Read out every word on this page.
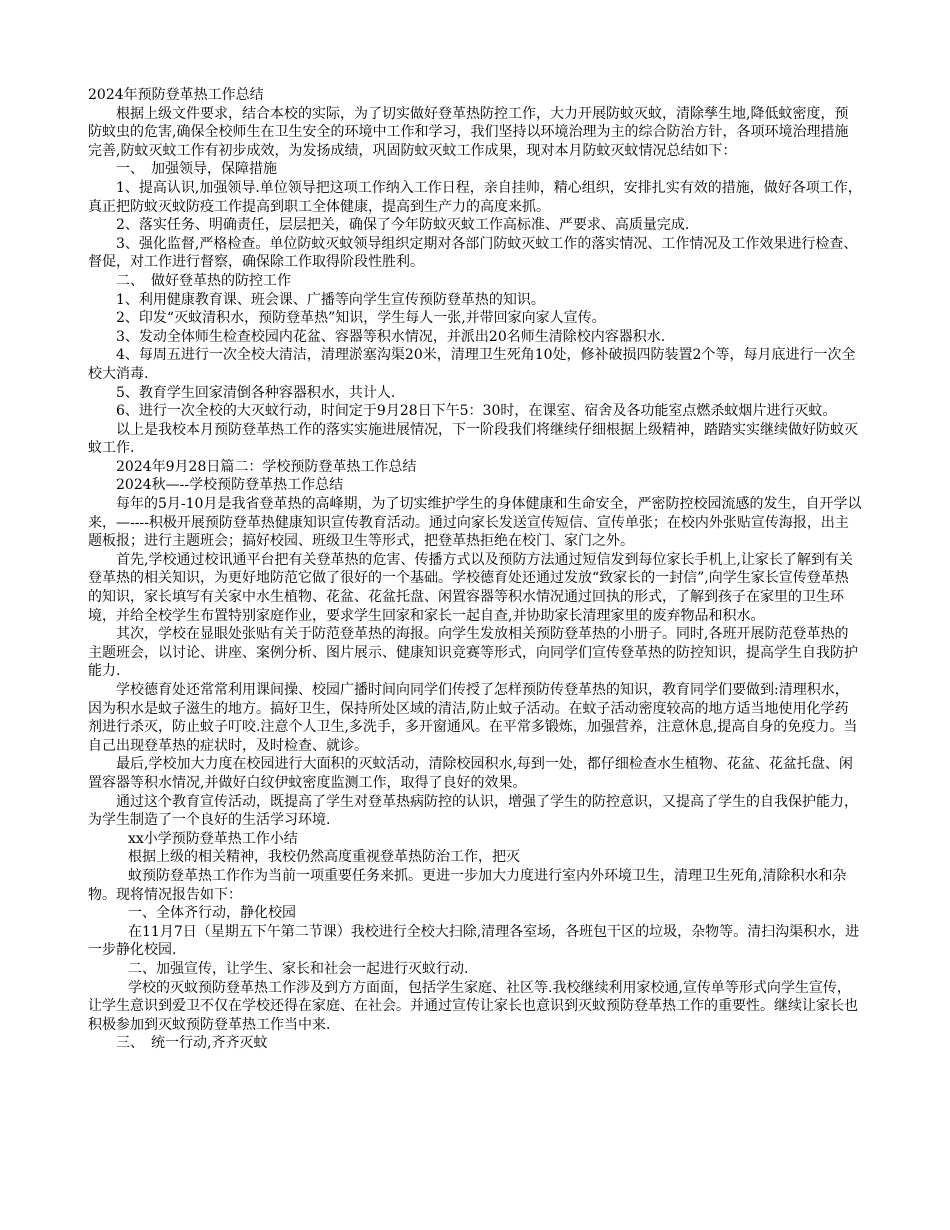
2024年预防登革热工作总结

根据上级文件要求，结合本校的实际，为了切实做好登革热防控工作，大力开展防蚊灭蚊，清除孳生地,降低蚊密度，预防蚊虫的危害,确保全校师生在卫生安全的环境中工作和学习，我们坚持以环境治理为主的综合防治方针，各项环境治理措施完善,防蚊灭蚊工作有初步成效，为发扬成绩，巩固防蚊灭蚊工作成果，现对本月防蚊灭蚊情况总结如下：

一、　加强领导，保障措施

1、提高认识,加强领导.单位领导把这项工作纳入工作日程，亲自挂帅，精心组织，安排扎实有效的措施，做好各项工作，真正把防蚊灭蚊防疫工作提高到职工全体健康，提高到生产力的高度来抓。

2、落实任务、明确责任，层层把关，确保了今年防蚊灭蚊工作高标准、严要求、高质量完成.

3、强化监督,严格检查。单位防蚊灭蚊领导组织定期对各部门防蚊灭蚊工作的落实情况、工作情况及工作效果进行检查、督促，对工作进行督察，确保除工作取得阶段性胜利。

二、　做好登革热的防控工作

1、利用健康教育课、班会课、广播等向学生宣传预防登革热的知识。

2、印发“灭蚊清积水，预防登革热”知识，学生每人一张,并带回家向家人宣传。

3、发动全体师生检查校园内花盆、容器等积水情况，并派出20名师生清除校内容器积水.

4、每周五进行一次全校大清洁，清理淤塞沟渠20米，清理卫生死角10处，修补破损四防装置2个等，每月底进行一次全校大消毒.

5、教育学生回家清倒各种容器积水，共计人.

6、进行一次全校的大灭蚊行动，时间定于9月28日下午5：30时，在课室、宿舍及各功能室点燃杀蚊烟片进行灭蚊。

以上是我校本月预防登革热工作的落实实施进展情况，下一阶段我们将继续仔细根据上级精神，踏踏实实继续做好防蚊灭蚊工作.

2024年9月28日篇二：学校预防登革热工作总结

2024秋—--学校预防登革热工作总结

每年的5月-10月是我省登革热的高峰期，为了切实维护学生的身体健康和生命安全，严密防控校园流感的发生，自开学以来，—----积极开展预防登革热健康知识宣传教育活动。通过向家长发送宣传短信、宣传单张；在校内外张贴宣传海报，出主题板报；进行主题班会；搞好校园、班级卫生等形式，把登革热拒绝在校门、家门之外。

首先,学校通过校讯通平台把有关登革热的危害、传播方式以及预防方法通过短信发到每位家长手机上,让家长了解到有关登革热的相关知识，为更好地防范它做了很好的一个基础。学校德育处还通过发放“致家长的一封信”,向学生家长宣传登革热的知识，家长填写有关家中水生植物、花盆、花盆托盘、闲置容器等积水情况通过回执的形式，了解到孩子在家里的卫生环境，并给全校学生布置特别家庭作业，要求学生回家和家长一起自查,并协助家长清理家里的废弃物品和积水。

其次，学校在显眼处张贴有关于防范登革热的海报。向学生发放相关预防登革热的小册子。同时,各班开展防范登革热的主题班会，以讨论、讲座、案例分析、图片展示、健康知识竞赛等形式，向同学们宣传登革热的防控知识，提高学生自我防护能力.

学校德育处还常常利用课间操、校园广播时间向同学们传授了怎样预防传登革热的知识，教育同学们要做到:清理积水，因为积水是蚊子滋生的地方。搞好卫生，保持所处区域的清洁,防止蚊子活动。在蚊子活动密度较高的地方适当地使用化学药剂进行杀灭，防止蚊子叮咬.注意个人卫生,多洗手，多开窗通风。在平常多锻炼，加强营养，注意休息,提高自身的免疫力。当自己出现登革热的症状时，及时检查、就诊。

最后,学校加大力度在校园进行大面积的灭蚊活动，清除校园积水,每到一处，都仔细检查水生植物、花盆、花盆托盘、闲置容器等积水情况,并做好白纹伊蚊密度监测工作，取得了良好的效果。

通过这个教育宣传活动，既提高了学生对登革热病防控的认识，增强了学生的防控意识，又提高了学生的自我保护能力，为学生制造了一个良好的生活学习环境.

xx小学预防登革热工作小结

根据上级的相关精神，我校仍然高度重视登革热防治工作，把灭

蚊预防登革热工作作为当前一项重要任务来抓。更进一步加大力度进行室内外环境卫生，清理卫生死角,清除积水和杂物。现将情况报告如下：

一、全体齐行动，静化校园

在11月7日（星期五下午第二节课）我校进行全校大扫除,清理各室场，各班包干区的垃圾，杂物等。清扫沟渠积水，进一步静化校园.

二、加强宣传，让学生、家长和社会一起进行灭蚊行动.

学校的灭蚊预防登革热工作涉及到方方面面，包括学生家庭、社区等.我校继续利用家校通,宣传单等形式向学生宣传，让学生意识到爱卫不仅在学校还得在家庭、在社会。并通过宣传让家长也意识到灭蚊预防登革热工作的重要性。继续让家长也积极参加到灭蚊预防登革热工作当中来.

三、　统一行动,齐齐灭蚊
